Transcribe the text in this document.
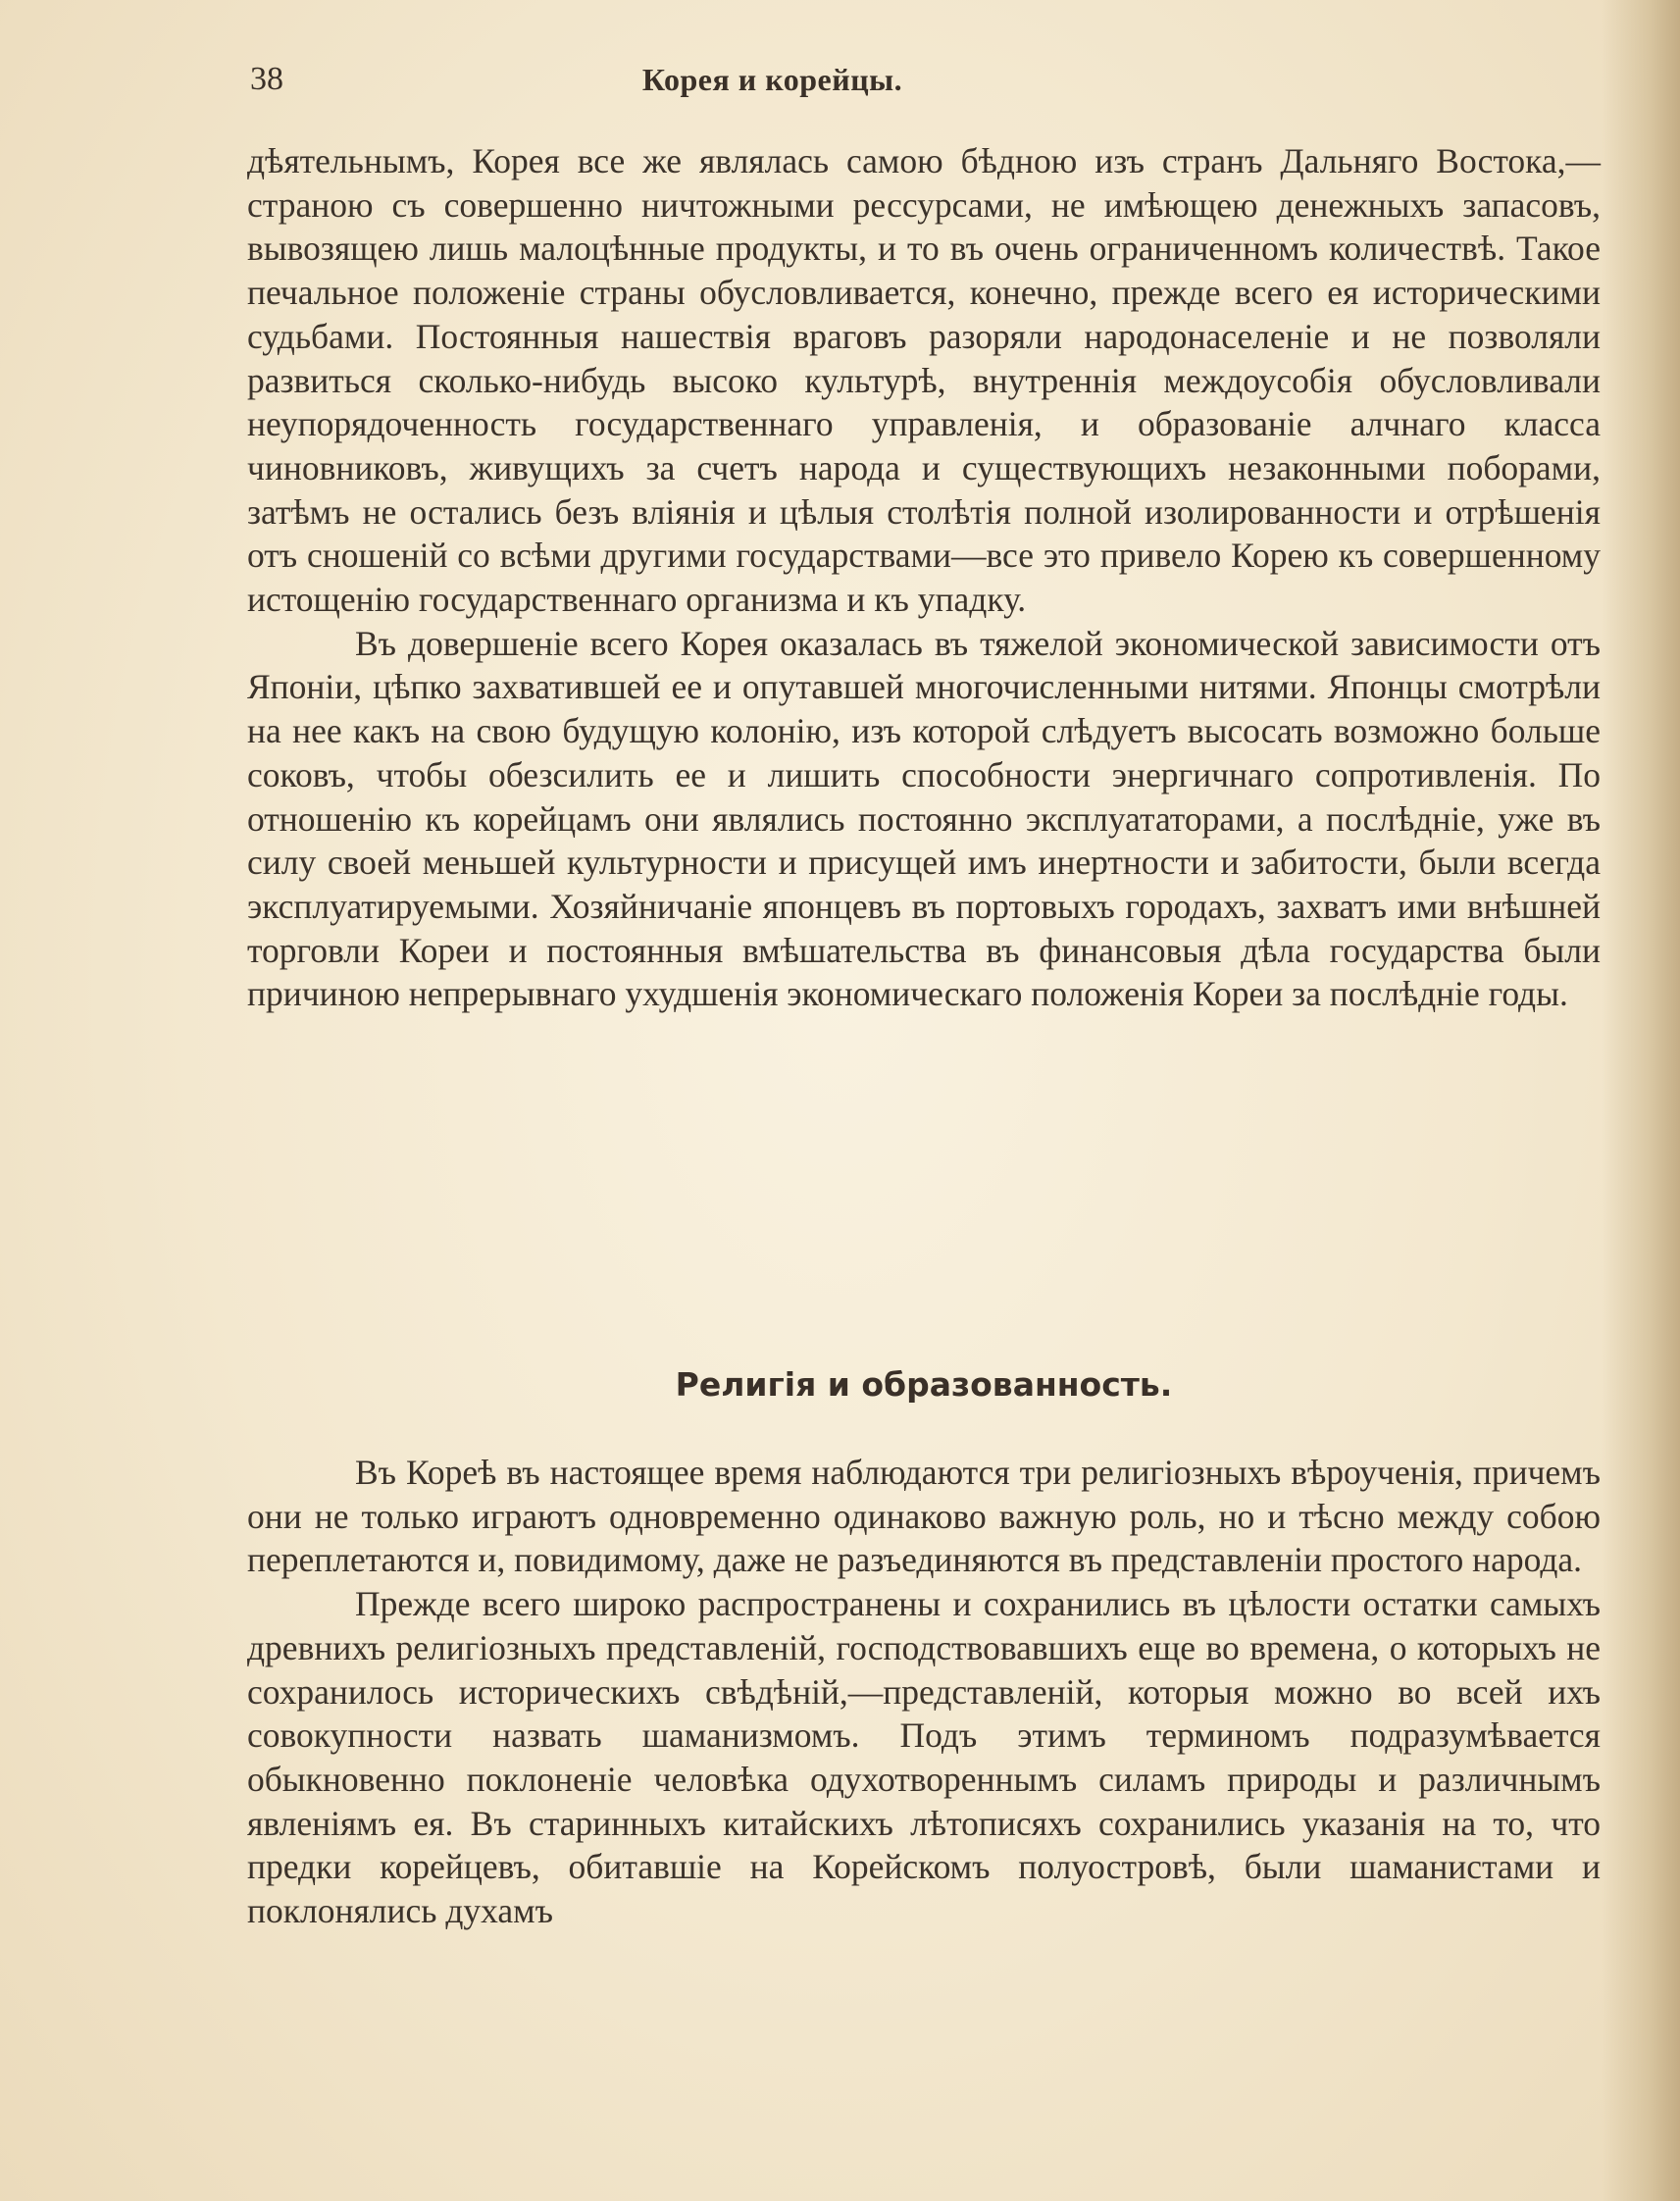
38	Корея и корейцы.

дѣятельнымъ, Корея все же являлась самою бѣдною изъ странъ Дальняго Востока,—страною съ совершенно ничтожными рессурсами, не имѣющею денежныхъ запасовъ, вывозящею лишь малоцѣнные продукты, и то въ очень ограниченномъ количествѣ. Такое печальное положеніе страны обусловливается, конечно, прежде всего ея историческими судьбами. Постоянныя нашествія враговъ разоряли народонаселеніе и не позволяли развиться сколько-нибудь высоко культурѣ, внутреннія междоусобія обусловливали неупорядоченность государственнаго управленія, и образованіе алчнаго класса чиновниковъ, живущихъ за счетъ народа и существующихъ незаконными поборами, затѣмъ не остались безъ вліянія и цѣлыя столѣтія полной изолированности и отрѣшенія отъ сношеній со всѣми другими государствами—все это привело Корею къ совершенному истощенію государственнаго организма и къ упадку.

Въ довершеніе всего Корея оказалась въ тяжелой экономической зависимости отъ Японіи, цѣпко захватившей ее и опутавшей многочисленными нитями. Японцы смотрѣли на нее какъ на свою будущую колонію, изъ которой слѣдуетъ высосать возможно больше соковъ, чтобы обезсилить ее и лишить способности энергичнаго сопротивленія. По отношенію къ корейцамъ они являлись постоянно эксплуататорами, а послѣдніе, уже въ силу своей меньшей культурности и присущей имъ инертности и забитости, были всегда эксплуатируемыми. Хозяйничаніе японцевъ въ портовыхъ городахъ, захватъ ими внѣшней торговли Кореи и постоянныя вмѣшательства въ финансовыя дѣла государства были причиною непрерывнаго ухудшенія экономическаго положенія Кореи за послѣдніе годы.

Религія и образованность.

Въ Кореѣ въ настоящее время наблюдаются три религіозныхъ вѣроученія, причемъ они не только играютъ одновременно одинаково важную роль, но и тѣсно между собою переплетаются и, повидимому, даже не разъединяются въ представленіи простого народа.

Прежде всего широко распространены и сохранились въ цѣлости остатки самыхъ древнихъ религіозныхъ представленій, господствовавшихъ еще во времена, о которыхъ не сохранилось историческихъ свѣдѣній,—представленій, которыя можно во всей ихъ совокупности назвать шаманизмомъ. Подъ этимъ терминомъ подразумѣвается обыкновенно поклоненіе человѣка одухотвореннымъ силамъ природы и различнымъ явленіямъ ея. Въ старинныхъ китайскихъ лѣтописяхъ сохранились указанія на то, что предки корейцевъ, обитавшіе на Корейскомъ полуостровѣ, были шаманистами и поклонялись духамъ
